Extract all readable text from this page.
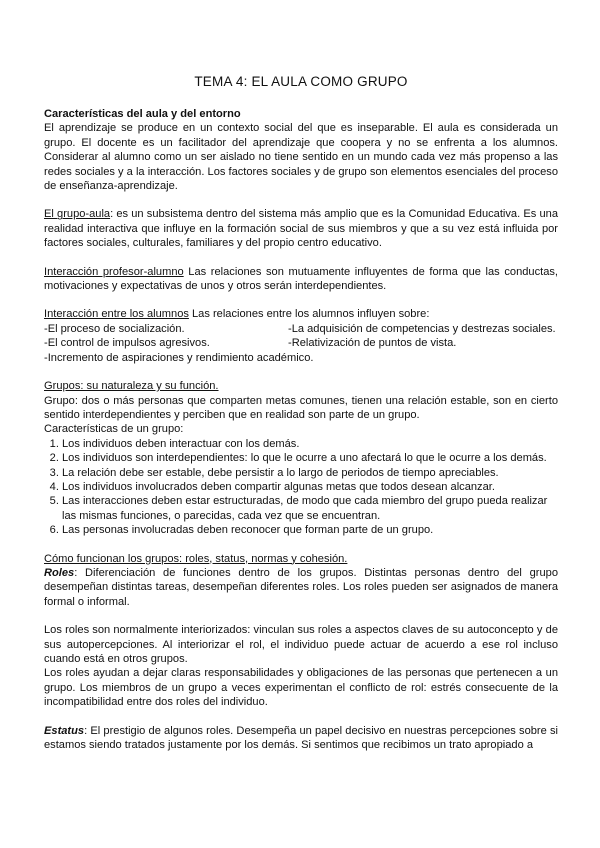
TEMA 4: EL AULA COMO GRUPO

Características del aula y del entorno

El aprendizaje se produce en un contexto social del que es inseparable. El aula es considerada un grupo. El docente es un facilitador del aprendizaje que coopera y no se enfrenta a los alumnos. Considerar al alumno como un ser aislado no tiene sentido en un mundo cada vez más propenso a las redes sociales y a la interacción. Los factores sociales y de grupo son elementos esenciales del proceso de enseñanza-aprendizaje.

El grupo-aula: es un subsistema dentro del sistema más amplio que es la Comunidad Educativa. Es una realidad interactiva que influye en la formación social de sus miembros y que a su vez está influida por factores sociales, culturales, familiares y del propio centro educativo.

Interacción profesor-alumno Las relaciones son mutuamente influyentes de forma que las conductas, motivaciones y expectativas de unos y otros serán interdependientes.

Interacción entre los alumnos Las relaciones entre los alumnos influyen sobre:

-El proceso de socialización.	-La adquisición de competencias y destrezas sociales.
-El control de impulsos agresivos.	-Relativización de puntos de vista.

-Incremento de aspiraciones y rendimiento académico.

Grupos: su naturaleza y su función.

Grupo: dos o más personas que comparten metas comunes, tienen una relación estable, son en cierto sentido interdependientes y perciben que en realidad son parte de un grupo.

Características de un grupo:

1. Los individuos deben interactuar con los demás.
2. Los individuos son interdependientes: lo que le ocurre a uno afectará lo que le ocurre a los demás.
3. La relación debe ser estable, debe persistir a lo largo de periodos de tiempo apreciables.
4. Los individuos involucrados deben compartir algunas metas que todos desean alcanzar.
5. Las interacciones deben estar estructuradas, de modo que cada miembro del grupo pueda realizar las mismas funciones, o parecidas, cada vez que se encuentran.
6. Las personas involucradas deben reconocer que forman parte de un grupo.

Cómo funcionan los grupos: roles, status, normas y cohesión.

Roles: Diferenciación de funciones dentro de los grupos. Distintas personas dentro del grupo desempeñan distintas tareas, desempeñan diferentes roles. Los roles pueden ser asignados de manera formal o informal.

Los roles son normalmente interiorizados: vinculan sus roles a aspectos claves de su autoconcepto y de sus autopercepciones. Al interiorizar el rol, el individuo puede actuar de acuerdo a ese rol incluso cuando está en otros grupos.

Los roles ayudan a dejar claras responsabilidades y obligaciones de las personas que pertenecen a un grupo. Los miembros de un grupo a veces experimentan el conflicto de rol: estrés consecuente de la incompatibilidad entre dos roles del individuo.

Estatus: El prestigio de algunos roles. Desempeña un papel decisivo en nuestras percepciones sobre si estamos siendo tratados justamente por los demás. Si sentimos que recibimos un trato apropiado a
